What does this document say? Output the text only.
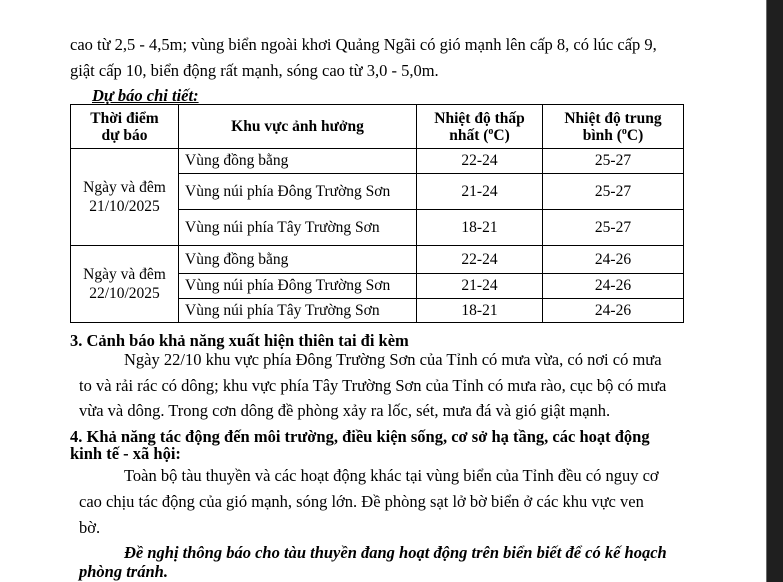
cao từ 2,5 - 4,5m; vùng biển ngoài khơi Quảng Ngãi có gió mạnh lên cấp 8, có lúc cấp 9,
giật cấp 10, biển động rất mạnh, sóng cao từ 3,0 - 5,0m.
Dự báo chi tiết:
Thời điểm
dự báo	Khu vực ảnh hưởng	Nhiệt độ thấp
nhất ($^o$C)	Nhiệt độ trung
bình ($^o$C)
Ngày và đêm
21/10/2025	Vùng đồng bằng	22-24	25-27
	Vùng núi phía Đông Trường Sơn	21-24	25-27
	Vùng núi phía Tây Trường Sơn	18-21	25-27
Ngày và đêm
22/10/2025	Vùng đồng bằng	22-24	24-26
	Vùng núi phía Đông Trường Sơn	21-24	24-26
	Vùng núi phía Tây Trường Sơn	18-21	24-26
3. Cảnh báo khả năng xuất hiện thiên tai đi kèm
Ngày 22/10 khu vực phía Đông Trường Sơn của Tỉnh có mưa vừa, có nơi có mưa
to và rải rác có dông; khu vực phía Tây Trường Sơn của Tỉnh có mưa rào, cục bộ có mưa
vừa và dông. Trong cơn dông đề phòng xảy ra lốc, sét, mưa đá và gió giật mạnh.
4. Khả năng tác động đến môi trường, điều kiện sống, cơ sở hạ tầng, các hoạt động
kinh tế - xã hội:
Toàn bộ tàu thuyền và các hoạt động khác tại vùng biển của Tỉnh đều có nguy cơ
cao chịu tác động của gió mạnh, sóng lớn. Đề phòng sạt lở bờ biển ở các khu vực ven
bờ.
Đề nghị thông báo cho tàu thuyền đang hoạt động trên biển biết để có kế hoạch
phòng tránh.
